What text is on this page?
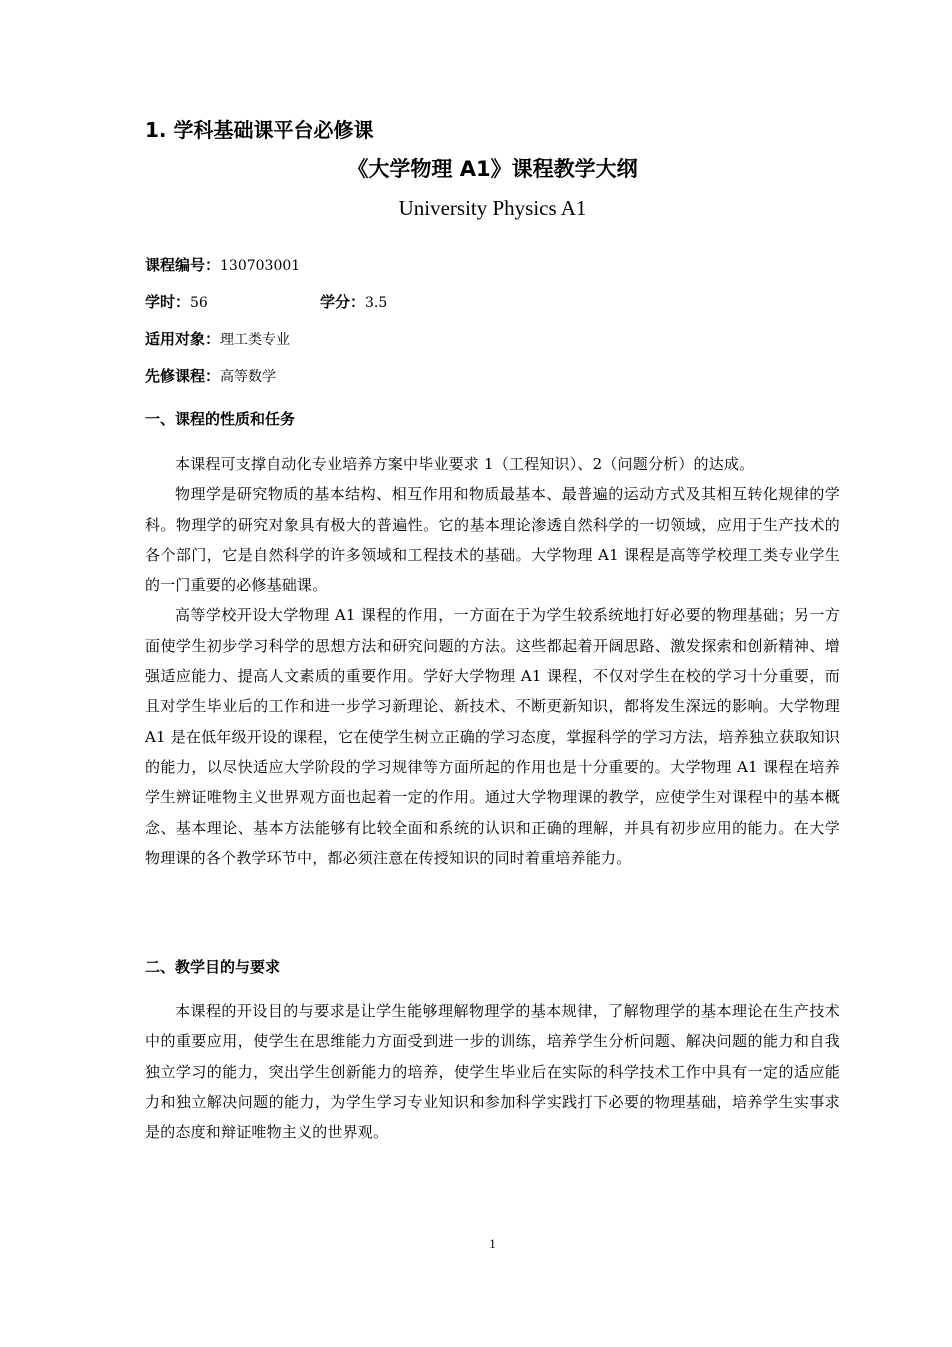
1. 学科基础课平台必修课
《大学物理 A1》课程教学大纲
University Physics A1
课程编号：130703001
学时：56	学分：3.5
适用对象：理工类专业
先修课程：高等数学
一、课程的性质和任务

本课程可支撑自动化专业培养方案中毕业要求 1（工程知识）、2（问题分析）的达成。

物理学是研究物质的基本结构、相互作用和物质最基本、最普遍的运动方式及其相互转化规律的学科。物理学的研究对象具有极大的普遍性。它的基本理论渗透自然科学的一切领域，应用于生产技术的各个部门，它是自然科学的许多领域和工程技术的基础。大学物理 A1 课程是高等学校理工类专业学生的一门重要的必修基础课。

高等学校开设大学物理 A1 课程的作用，一方面在于为学生较系统地打好必要的物理基础；另一方面使学生初步学习科学的思想方法和研究问题的方法。这些都起着开阔思路、激发探索和创新精神、增强适应能力、提高人文素质的重要作用。学好大学物理 A1 课程，不仅对学生在校的学习十分重要，而且对学生毕业后的工作和进一步学习新理论、新技术、不断更新知识，都将发生深远的影响。大学物理 A1 是在低年级开设的课程，它在使学生树立正确的学习态度，掌握科学的学习方法，培养独立获取知识的能力，以尽快适应大学阶段的学习规律等方面所起的作用也是十分重要的。大学物理 A1 课程在培养学生辨证唯物主义世界观方面也起着一定的作用。通过大学物理课的教学，应使学生对课程中的基本概念、基本理论、基本方法能够有比较全面和系统的认识和正确的理解，并具有初步应用的能力。在大学物理课的各个教学环节中，都必须注意在传授知识的同时着重培养能力。

二、教学目的与要求

本课程的开设目的与要求是让学生能够理解物理学的基本规律，了解物理学的基本理论在生产技术中的重要应用，使学生在思维能力方面受到进一步的训练，培养学生分析问题、解决问题的能力和自我独立学习的能力，突出学生创新能力的培养，使学生毕业后在实际的科学技术工作中具有一定的适应能力和独立解决问题的能力，为学生学习专业知识和参加科学实践打下必要的物理基础，培养学生实事求是的态度和辩证唯物主义的世界观。

1
